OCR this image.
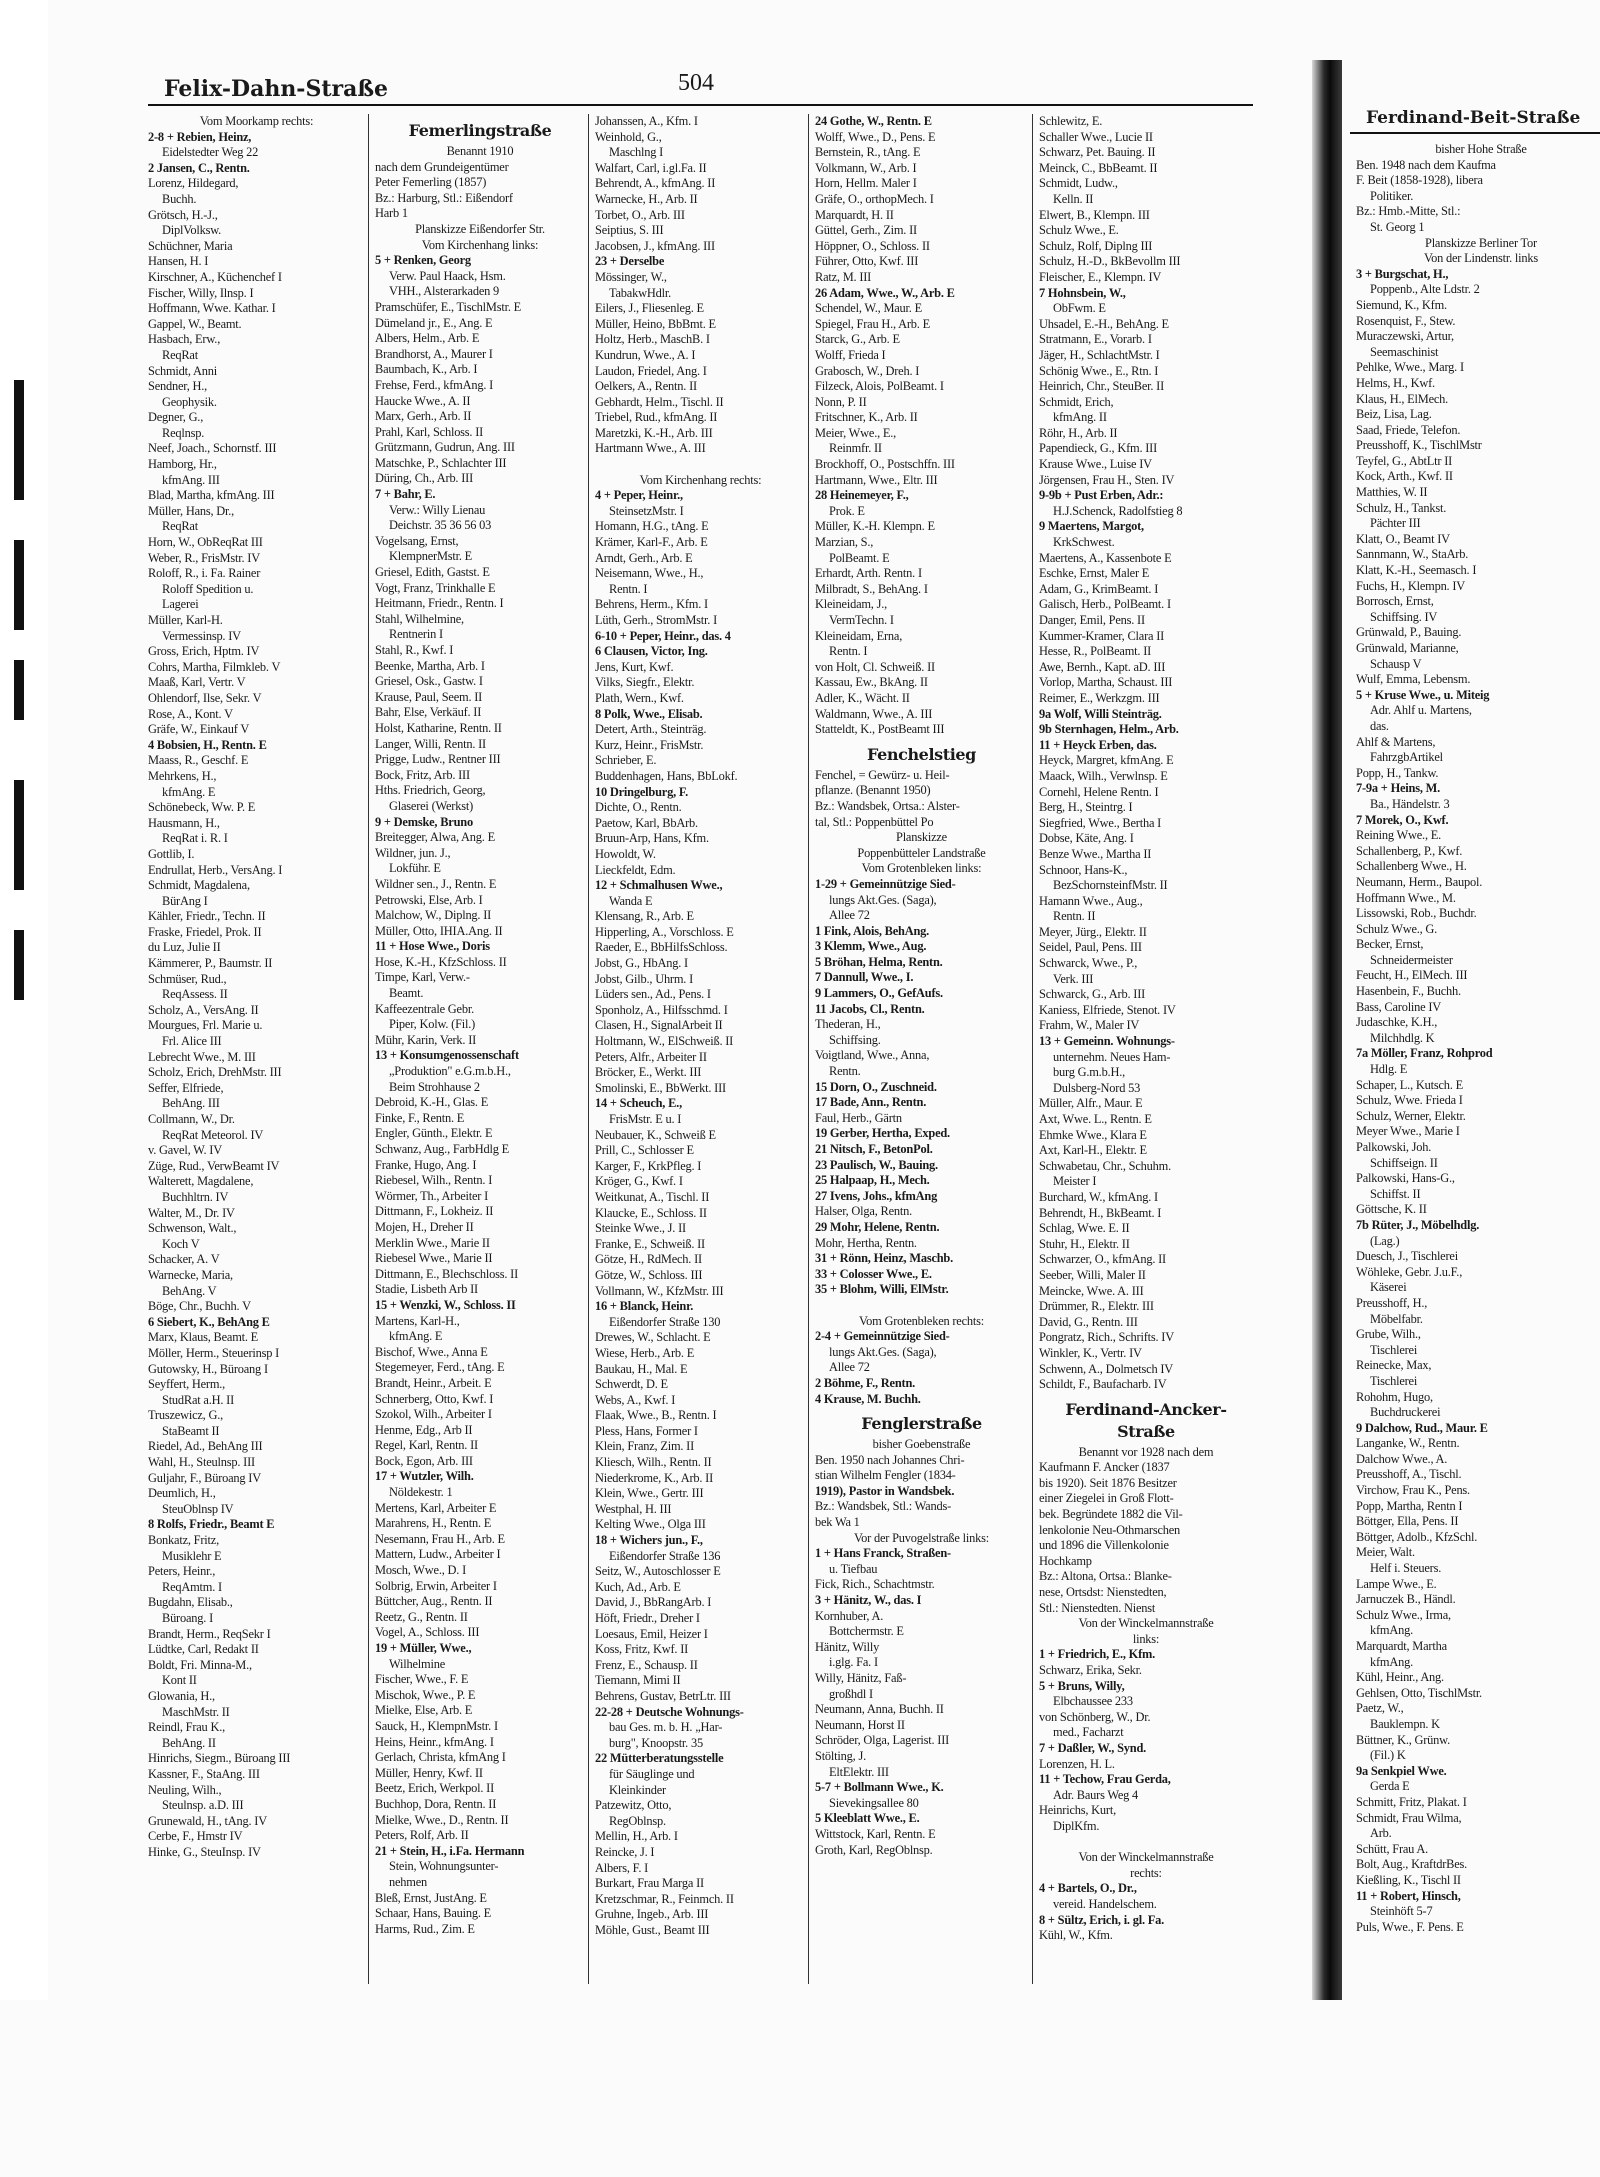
Felix-Dahn-Straße	504
Vom Moorkamp rechts:
2-8 + Rebien, Heinz,
Eidelstedter Weg 22
2 Jansen, C., Rentn.
Lorenz, Hildegard,
Buchh.
Grötsch, H.-J.,
DiplVolksw.
Schüchner, Maria
Hansen, H. I
Kirschner, A., Küchenchef I
Fischer, Willy, Ilnsp. I
Hoffmann, Wwe. Kathar. I
Gappel, W., Beamt.
Hasbach, Erw.,
ReqRat
Schmidt, Anni
Sendner, H.,
Geophysik.
Degner, G.,
Reqlnsp.
Neef, Joach., Schornstf. III
Hamborg, Hr.,
kfmAng. III
Blad, Martha, kfmAng. III
Müller, Hans, Dr.,
ReqRat
Horn, W., ObReqRat III
Weber, R., FrisMstr. IV
Roloff, R., i. Fa. Rainer
Roloff Spedition u.
Lagerei
Müller, Karl-H.
Vermessinsp. IV
Gross, Erich, Hptm. IV
Cohrs, Martha, Filmkleb. V
Maaß, Karl, Vertr. V
Ohlendorf, Ilse, Sekr. V
Rose, A., Kont. V
Gräfe, W., Einkauf V
4 Bobsien, H., Rentn. E
Maass, R., Geschf. E
Mehrkens, H.,
kfmAng. E
Schönebeck, Ww. P. E
Hausmann, H.,
ReqRat i. R. I
Gottlib, I.
Endrullat, Herb., VersAng. I
Schmidt, Magdalena,
BürAng I
Kähler, Friedr., Techn. II
Fraske, Friedel, Prok. II
du Luz, Julie II
Kämmerer, P., Baumstr. II
Schmüser, Rud.,
ReqAssess. II
Scholz, A., VersAng. II
Mourgues, Frl. Marie u.
Frl. Alice III
Lebrecht Wwe., M. III
Scholz, Erich, DrehMstr. III
Seffer, Elfriede,
BehAng. III
Collmann, W., Dr.
ReqRat Meteorol. IV
v. Gavel, W. IV
Züge, Rud., VerwBeamt IV
Walterett, Magdalene,
Buchhltrn. IV
Walter, M., Dr. IV
Schwenson, Walt.,
Koch V
Schacker, A. V
Warnecke, Maria,
BehAng. V
Böge, Chr., Buchh. V
6 Siebert, K., BehAng E
Marx, Klaus, Beamt. E
Möller, Herm., Steuerinsp I
Gutowsky, H., Büroang I
Seyffert, Herm.,
StudRat a.H. II
Truszewicz, G.,
StaBeamt II
Riedel, Ad., BehAng III
Wahl, H., Steulnsp. III
Guljahr, F., Büroang IV
Deumlich, H.,
SteuOblnsp IV
8 Rolfs, Friedr., Beamt E
Bonkatz, Fritz,
Musiklehr E
Peters, Heinr.,
ReqAmtm. I
Bugdahn, Elisab.,
Büroang. I
Brandt, Herm., ReqSekr I
Lüdtke, Carl, Redakt II
Boldt, Fri. Minna-M.,
Kont II
Glowania, H.,
MaschMstr. II
Reindl, Frau K.,
BehAng. II
Hinrichs, Siegm., Büroang III
Kassner, F., StaAng. III
Neuling, Wilh.,
Steulnsp. a.D. III
Grunewald, H., tAng. IV
Cerbe, F., Hmstr IV
Hinke, G., SteuInsp. IV
Femerlingstraße
Benannt 1910
nach dem Grundeigentümer
Peter Femerling (1857)
Bz.: Harburg, Stl.: Eißendorf
Harb 1
Planskizze Eißendorfer Str.
Vom Kirchenhang links:
5 + Renken, Georg
Verw. Paul Haack, Hsm.
VHH., Alsterarkaden 9
Pramschüfer, E., TischlMstr. E
Dümeland jr., E., Ang. E
Albers, Helm., Arb. E
Brandhorst, A., Maurer I
Baumbach, K., Arb. I
Frehse, Ferd., kfmAng. I
Haucke Wwe., A. II
Marx, Gerh., Arb. II
Prahl, Karl, Schloss. II
Grützmann, Gudrun, Ang. III
Matschke, P., Schlachter III
Düring, Ch., Arb. III
7 + Bahr, E.
Verw.: Willy Lienau
Deichstr. 35 36 56 03
Vogelsang, Ernst,
KlempnerMstr. E
Griesel, Edith, Gastst. E
Vogt, Franz, Trinkhalle E
Heitmann, Friedr., Rentn. I
Stahl, Wilhelmine,
Rentnerin I
Stahl, R., Kwf. I
Beenke, Martha, Arb. I
Griesel, Osk., Gastw. I
Krause, Paul, Seem. II
Bahr, Else, Verkäuf. II
Holst, Katharine, Rentn. II
Langer, Willi, Rentn. II
Prigge, Ludw., Rentner III
Bock, Fritz, Arb. III
Hths. Friedrich, Georg,
Glaserei (Werkst)
9 + Demske, Bruno
Breitegger, Alwa, Ang. E
Wildner, jun. J.,
Lokführ. E
Wildner sen., J., Rentn. E
Petrowski, Else, Arb. I
Malchow, W., Diplng. II
Müller, Otto, IHIA.Ang. II
11 + Hose Wwe., Doris
Hose, K.-H., KfzSchloss. II
Timpe, Karl, Verw.-
Beamt.
Kaffeezentrale Gebr.
Piper, Kolw. (Fil.)
Mühr, Karin, Verk. II
13 + Konsumgenossenschaft
„Produktion" e.G.m.b.H.,
Beim Strohhause 2
Debroid, K.-H., Glas. E
Finke, F., Rentn. E
Engler, Günth., Elektr. E
Schwanz, Aug., FarbHdlg E
Franke, Hugo, Ang. I
Riebesel, Wilh., Rentn. I
Wörmer, Th., Arbeiter I
Dittmann, F., Lokheiz. II
Mojen, H., Dreher II
Merklin Wwe., Marie II
Riebesel Wwe., Marie II
Dittmann, E., Blechschloss. II
Stadie, Lisbeth Arb II
15 + Wenzki, W., Schloss. II
Martens, Karl-H.,
kfmAng. E
Bischof, Wwe., Anna E
Stegemeyer, Ferd., tAng. E
Brandt, Heinr., Arbeit. E
Schnerberg, Otto, Kwf. I
Szokol, Wilh., Arbeiter I
Henme, Edg., Arb II
Regel, Karl, Rentn. II
Bock, Egon, Arb. III
17 + Wutzler, Wilh.
Nöldekestr. 1
Mertens, Karl, Arbeiter E
Marahrens, H., Rentn. E
Nesemann, Frau H., Arb. E
Mattern, Ludw., Arbeiter I
Mosch, Wwe., D. I
Solbrig, Erwin, Arbeiter I
Büttcher, Aug., Rentn. II
Reetz, G., Rentn. II
Vogel, A., Schloss. III
19 + Müller, Wwe.,
Wilhelmine
Fischer, Wwe., F. E
Mischok, Wwe., P. E
Mielke, Else, Arb. E
Sauck, H., KlempnMstr. I
Heins, Heinr., kfmAng. I
Gerlach, Christa, kfmAng I
Müller, Henry, Kwf. II
Beetz, Erich, Werkpol. II
Buchhop, Dora, Rentn. II
Mielke, Wwe., D., Rentn. II
Peters, Rolf, Arb. II
21 + Stein, H., i.Fa. Hermann
Stein, Wohnungsunter-
nehmen
Bleß, Ernst, JustAng. E
Schaar, Hans, Bauing. E
Harms, Rud., Zim. E
Johanssen, A., Kfm. I
Weinhold, G.,
Maschlng I
Walfart, Carl, i.gl.Fa. II
Behrendt, A., kfmAng. II
Warnecke, H., Arb. II
Torbet, O., Arb. III
Seiptius, S. III
Jacobsen, J., kfmAng. III
23 + Derselbe
Mössinger, W.,
TabakwHdlr.
Eilers, J., Fliesenleg. E
Müller, Heino, BbBmt. E
Holtz, Herb., MaschB. I
Kundrun, Wwe., A. I
Laudon, Friedel, Ang. I
Oelkers, A., Rentn. II
Gebhardt, Helm., Tischl. II
Triebel, Rud., kfmAng. II
Maretzki, K.-H., Arb. III
Hartmann Wwe., A. III

Vom Kirchenhang rechts:
4 + Peper, Heinr.,
SteinsetzMstr. I
Homann, H.G., tAng. E
Krämer, Karl-F., Arb. E
Arndt, Gerh., Arb. E
Neisemann, Wwe., H.,
Rentn. I
Behrens, Herm., Kfm. I
Lüth, Gerh., StromMstr. I
6-10 + Peper, Heinr., das. 4
6 Clausen, Victor, Ing.
Jens, Kurt, Kwf.
Vilks, Siegfr., Elektr.
Plath, Wern., Kwf.
8 Polk, Wwe., Elisab.
Detert, Arth., Steinträg.
Kurz, Heinr., FrisMstr.
Schrieber, E.
Buddenhagen, Hans, BbLokf.
10 Dringelburg, F.
Dichte, O., Rentn.
Paetow, Karl, BbArb.
Bruun-Arp, Hans, Kfm.
Howoldt, W.
Lieckfeldt, Edm.
12 + Schmalhusen Wwe.,
Wanda E
Klensang, R., Arb. E
Hipperling, A., Vorschloss. E
Raeder, E., BbHilfsSchloss.
Jobst, G., HbAng. I
Jobst, Gilb., Uhrm. I
Lüders sen., Ad., Pens. I
Sponholz, A., Hilfsschmd. I
Clasen, H., SignalArbeit II
Holtmann, W., ElSchweiß. II
Peters, Alfr., Arbeiter II
Bröcker, E., Werkt. III
Smolinski, E., BbWerkt. III
14 + Scheuch, E.,
FrisMstr. E u. I
Neubauer, K., Schweiß E
Prill, C., Schlosser E
Karger, F., KrkPfleg. I
Kröger, G., Kwf. I
Weitkunat, A., Tischl. II
Klaucke, E., Schloss. II
Steinke Wwe., J. II
Franke, E., Schweiß. II
Götze, H., RdMech. II
Götze, W., Schloss. III
Vollmann, W., KfzMstr. III
16 + Blanck, Heinr.
Eißendorfer Straße 130
Drewes, W., Schlacht. E
Wiese, Herb., Arb. E
Baukau, H., Mal. E
Schwerdt, D. E
Webs, A., Kwf. I
Flaak, Wwe., B., Rentn. I
Pless, Hans, Former I
Klein, Franz, Zim. II
Kliesch, Wilh., Rentn. II
Niederkrome, K., Arb. II
Klein, Wwe., Gertr. III
Westphal, H. III
Kelting Wwe., Olga III
18 + Wichers jun., F.,
Eißendorfer Straße 136
Seitz, W., Autoschlosser E
Kuch, Ad., Arb. E
David, J., BbRangArb. I
Höft, Friedr., Dreher I
Loesaus, Emil, Heizer I
Koss, Fritz, Kwf. II
Frenz, E., Schausp. II
Tiemann, Mimi II
Behrens, Gustav, BetrLtr. III
22-28 + Deutsche Wohnungs-
bau Ges. m. b. H. „Har-
burg", Knoopstr. 35
22 Mütterberatungsstelle
für Säuglinge und
Kleinkinder
Patzewitz, Otto,
RegOblnsp.
Mellin, H., Arb. I
Reincke, J. I
Albers, F. I
Burkart, Frau Marga II
Kretzschmar, R., Feinmch. II
Gruhne, Ingeb., Arb. III
Möhle, Gust., Beamt III
24 Gothe, W., Rentn. E
Wolff, Wwe., D., Pens. E
Bernstein, R., tAng. E
Volkmann, W., Arb. I
Horn, Hellm. Maler I
Gräfe, O., orthopMech. I
Marquardt, H. II
Güttel, Gerh., Zim. II
Höppner, O., Schloss. II
Führer, Otto, Kwf. III
Ratz, M. III
26 Adam, Wwe., W., Arb. E
Schendel, W., Maur. E
Spiegel, Frau H., Arb. E
Starck, G., Arb. E
Wolff, Frieda I
Grabosch, W., Dreh. I
Filzeck, Alois, PolBeamt. I
Nonn, P. II
Fritschner, K., Arb. II
Meier, Wwe., E.,
Reinmfr. II
Brockhoff, O., Postschffn. III
Hartmann, Wwe., Eltr. III
28 Heinemeyer, F.,
Prok. E
Müller, K.-H. Klempn. E
Marzian, S.,
PolBeamt. E
Erhardt, Arth. Rentn. I
Milbradt, S., BehAng. I
Kleineidam, J.,
VermTechn. I
Kleineidam, Erna,
Rentn. I
von Holt, Cl. Schweiß. II
Kassau, Ew., BkAng. II
Adler, K., Wächt. II
Waldmann, Wwe., A. III
Statteldt, K., PostBeamt III
Fenchelstieg
Fenchel, = Gewürz- u. Heil-
pflanze. (Benannt 1950)
Bz.: Wandsbek, Ortsa.: Alster-
tal, Stl.: Poppenbüttel Po
Planskizze
Poppenbütteler Landstraße
Vom Grotenbleken links:
1-29 + Gemeinnützige Sied-
lungs Akt.Ges. (Saga),
Allee 72
1 Fink, Alois, BehAng.
3 Klemm, Wwe., Aug.
5 Bröhan, Helma, Rentn.
7 Dannull, Wwe., I.
9 Lammers, O., GefAufs.
11 Jacobs, Cl., Rentn.
Thederan, H.,
Schiffsing.
Voigtland, Wwe., Anna,
Rentn.
15 Dorn, O., Zuschneid.
17 Bade, Ann., Rentn.
Faul, Herb., Gärtn
19 Gerber, Hertha, Exped.
21 Nitsch, F., BetonPol.
23 Paulisch, W., Bauing.
25 Halpaap, H., Mech.
27 Ivens, Johs., kfmAng
Halser, Olga, Rentn.
29 Mohr, Helene, Rentn.
Mohr, Hertha, Rentn.
31 + Rönn, Heinz, Maschb.
33 + Colosser Wwe., E.
35 + Blohm, Willi, ElMstr.

Vom Grotenbleken rechts:
2-4 + Gemeinnützige Sied-
lungs Akt.Ges. (Saga),
Allee 72
2 Böhme, F., Rentn.
4 Krause, M. Buchh.
Fenglerstraße
bisher Goebenstraße
Ben. 1950 nach Johannes Chri-
stian Wilhelm Fengler (1834-
1919), Pastor in Wandsbek.
Bz.: Wandsbek, Stl.: Wands-
bek Wa 1
Vor der Puvogelstraße links:
1 + Hans Franck, Straßen-
u. Tiefbau
Fick, Rich., Schachtmstr.
3 + Hänitz, W., das. I
Kornhuber, A.
Bottchermstr. E
Hänitz, Willy
i.glg. Fa. I
Willy, Hänitz, Faß-
großhdl I
Neumann, Anna, Buchh. II
Neumann, Horst II
Schröder, Olga, Lagerist. III
Stölting, J.
EltElektr. III
5-7 + Bollmann Wwe., K.
Sievekingsallee 80
5 Kleeblatt Wwe., E.
Wittstock, Karl, Rentn. E
Groth, Karl, RegOblnsp.
Schlewitz, E.
Schaller Wwe., Lucie II
Schwarz, Pet. Bauing. II
Meinck, C., BbBeamt. II
Schmidt, Ludw.,
Kelln. II
Elwert, B., Klempn. III
Schulz Wwe., E.
Schulz, Rolf, Diplng III
Schulz, H.-D., BkBevollm III
Fleischer, E., Klempn. IV
7 Hohnsbein, W.,
ObFwm. E
Uhsadel, E.-H., BehAng. E
Stratmann, E., Vorarb. I
Jäger, H., SchlachtMstr. I
Schönig Wwe., E., Rtn. I
Heinrich, Chr., SteuBer. II
Schmidt, Erich,
kfmAng. II
Röhr, H., Arb. II
Papendieck, G., Kfm. III
Krause Wwe., Luise IV
Jörgensen, Frau H., Sten. IV
9-9b + Pust Erben, Adr.:
H.J.Schenck, Radolfstieg 8
9 Maertens, Margot,
KrkSchwest.
Maertens, A., Kassenbote E
Eschke, Ernst, Maler E
Adam, G., KrimBeamt. I
Galisch, Herb., PolBeamt. I
Danger, Emil, Pens. II
Kummer-Kramer, Clara II
Hesse, R., PolBeamt. II
Awe, Bernh., Kapt. aD. III
Vorlop, Martha, Schaust. III
Reimer, E., Werkzgm. III
9a Wolf, Willi Steinträg.
9b Sternhagen, Helm., Arb.
11 + Heyck Erben, das.
Heyck, Margret, kfmAng. E
Maack, Wilh., Verwlnsp. E
Cornehl, Helene Rentn. I
Berg, H., Steintrg. I
Siegfried, Wwe., Bertha I
Dobse, Käte, Ang. I
Benze Wwe., Martha II
Schnoor, Hans-K.,
BezSchornsteinfMstr. II
Hamann Wwe., Aug.,
Rentn. II
Meyer, Jürg., Elektr. II
Seidel, Paul, Pens. III
Schwarck, Wwe., P.,
Verk. III
Schwarck, G., Arb. III
Kaniess, Elfriede, Stenot. IV
Frahm, W., Maler IV
13 + Gemeinn. Wohnungs-
unternehm. Neues Ham-
burg G.m.b.H.,
Dulsberg-Nord 53
Müller, Alfr., Maur. E
Axt, Wwe. L., Rentn. E
Ehmke Wwe., Klara E
Axt, Karl-H., Elektr. E
Schwabetau, Chr., Schuhm.
Meister I
Burchard, W., kfmAng. I
Behrendt, H., BkBeamt. I
Schlag, Wwe. E. II
Stuhr, H., Elektr. II
Schwarzer, O., kfmAng. II
Seeber, Willi, Maler II
Meincke, Wwe. A. III
Drümmer, R., Elektr. III
David, G., Rentn. III
Pongratz, Rich., Schrifts. IV
Winkler, K., Vertr. IV
Schwenn, A., Dolmetsch IV
Schildt, F., Baufacharb. IV
Ferdinand-Ancker-Straße
Benannt vor 1928 nach dem
Kaufmann F. Ancker (1837
bis 1920). Seit 1876 Besitzer
einer Ziegelei in Groß Flott-
bek. Begründete 1882 die Vil-
lenkolonie Neu-Othmarschen
und 1896 die Villenkolonie
Hochkamp
Bz.: Altona, Ortsa.: Blanke-
nese, Ortsdst: Nienstedten,
Stl.: Nienstedten. Nienst
Von der Winckelmannstraße
links:
1 + Friedrich, E., Kfm.
Schwarz, Erika, Sekr.
5 + Bruns, Willy,
Elbchaussee 233
von Schönberg, W., Dr.
med., Facharzt
7 + Daßler, W., Synd.
Lorenzen, H. L.
11 + Techow, Frau Gerda,
Adr. Baurs Weg 4
Heinrichs, Kurt,
DiplKfm.

Von der Winckelmannstraße
rechts:
4 + Bartels, O., Dr.,
vereid. Handelschem.
8 + Sültz, Erich, i. gl. Fa.
Kühl, W., Kfm.
Ferdinand-Beit-Straße
bisher Hohe Straße
Ben. 1948 nach dem Kaufma
F. Beit (1858-1928), libera
Politiker.
Bz.: Hmb.-Mitte, Stl.:
St. Georg 1
Planskizze Berliner Tor
Von der Lindenstr. links
3 + Burgschat, H.,
Poppenb., Alte Ldstr. 2
Siemund, K., Kfm.
Rosenquist, F., Stew.
Muraczewski, Artur,
Seemaschinist
Pehlke, Wwe., Marg. I
Helms, H., Kwf.
Klaus, H., ElMech.
Beiz, Lisa, Lag.
Saad, Friede, Telefon.
Preusshoff, K., TischlMstr
Teyfel, G., AbtLtr II
Kock, Arth., Kwf. II
Matthies, W. II
Schulz, H., Tankst.
Pächter III
Klatt, O., Beamt IV
Sannmann, W., StaArb.
Klatt, K.-H., Seemasch. I
Fuchs, H., Klempn. IV
Borrosch, Ernst,
Schiffsing. IV
Grünwald, P., Bauing.
Grünwald, Marianne,
Schausp V
Wulf, Emma, Lebensm.
5 + Kruse Wwe., u. Miteig
Adr. Ahlf u. Martens,
das.
Ahlf & Martens,
FahrzgbArtikel
Popp, H., Tankw.
7-9a + Heins, M.
Ba., Händelstr. 3
7 Morek, O., Kwf.
Reining Wwe., E.
Schallenberg, P., Kwf.
Schallenberg Wwe., H.
Neumann, Herm., Baupol.
Hoffmann Wwe., M.
Lissowski, Rob., Buchdr.
Schulz Wwe., G.
Becker, Ernst,
Schneidermeister
Feucht, H., ElMech. III
Hasenbein, F., Buchh.
Bass, Caroline IV
Judaschke, K.H.,
Milchhdlg. K
7a Möller, Franz, Rohprod
Hdlg. E
Schaper, L., Kutsch. E
Schulz, Wwe. Frieda I
Schulz, Werner, Elektr.
Meyer Wwe., Marie I
Palkowski, Joh.
Schiffseign. II
Palkowski, Hans-G.,
Schiffst. II
Göttsche, K. II
7b Rüter, J., Möbelhdlg.
(Lag.)
Duesch, J., Tischlerei
Wöhleke, Gebr. J.u.F.,
Käserei
Preusshoff, H.,
Möbelfabr.
Grube, Wilh.,
Tischlerei
Reinecke, Max,
Tischlerei
Rohohm, Hugo,
Buchdruckerei
9 Dalchow, Rud., Maur. E
Langanke, W., Rentn.
Dalchow Wwe., A.
Preusshoff, A., Tischl.
Virchow, Frau K., Pens.
Popp, Martha, Rentn I
Böttger, Ella, Pens. II
Böttger, Adolb., KfzSchl.
Meier, Walt.
Helf i. Steuers.
Lampe Wwe., E.
Jarnuczek B., Händl.
Schulz Wwe., Irma,
kfmAng.
Marquardt, Martha
kfmAng.
Kühl, Heinr., Ang.
Gehlsen, Otto, TischlMstr.
Paetz, W.,
Bauklempn. K
Büttner, K., Grünw.
(Fil.) K
9a Senkpiel Wwe.
Gerda E
Schmitt, Fritz, Plakat. I
Schmidt, Frau Wilma,
Arb.
Schütt, Frau A.
Bolt, Aug., KraftdrBes.
Kießling, K., Tischl II
11 + Robert, Hinsch,
Steinhöft 5-7
Puls, Wwe., F. Pens. E
